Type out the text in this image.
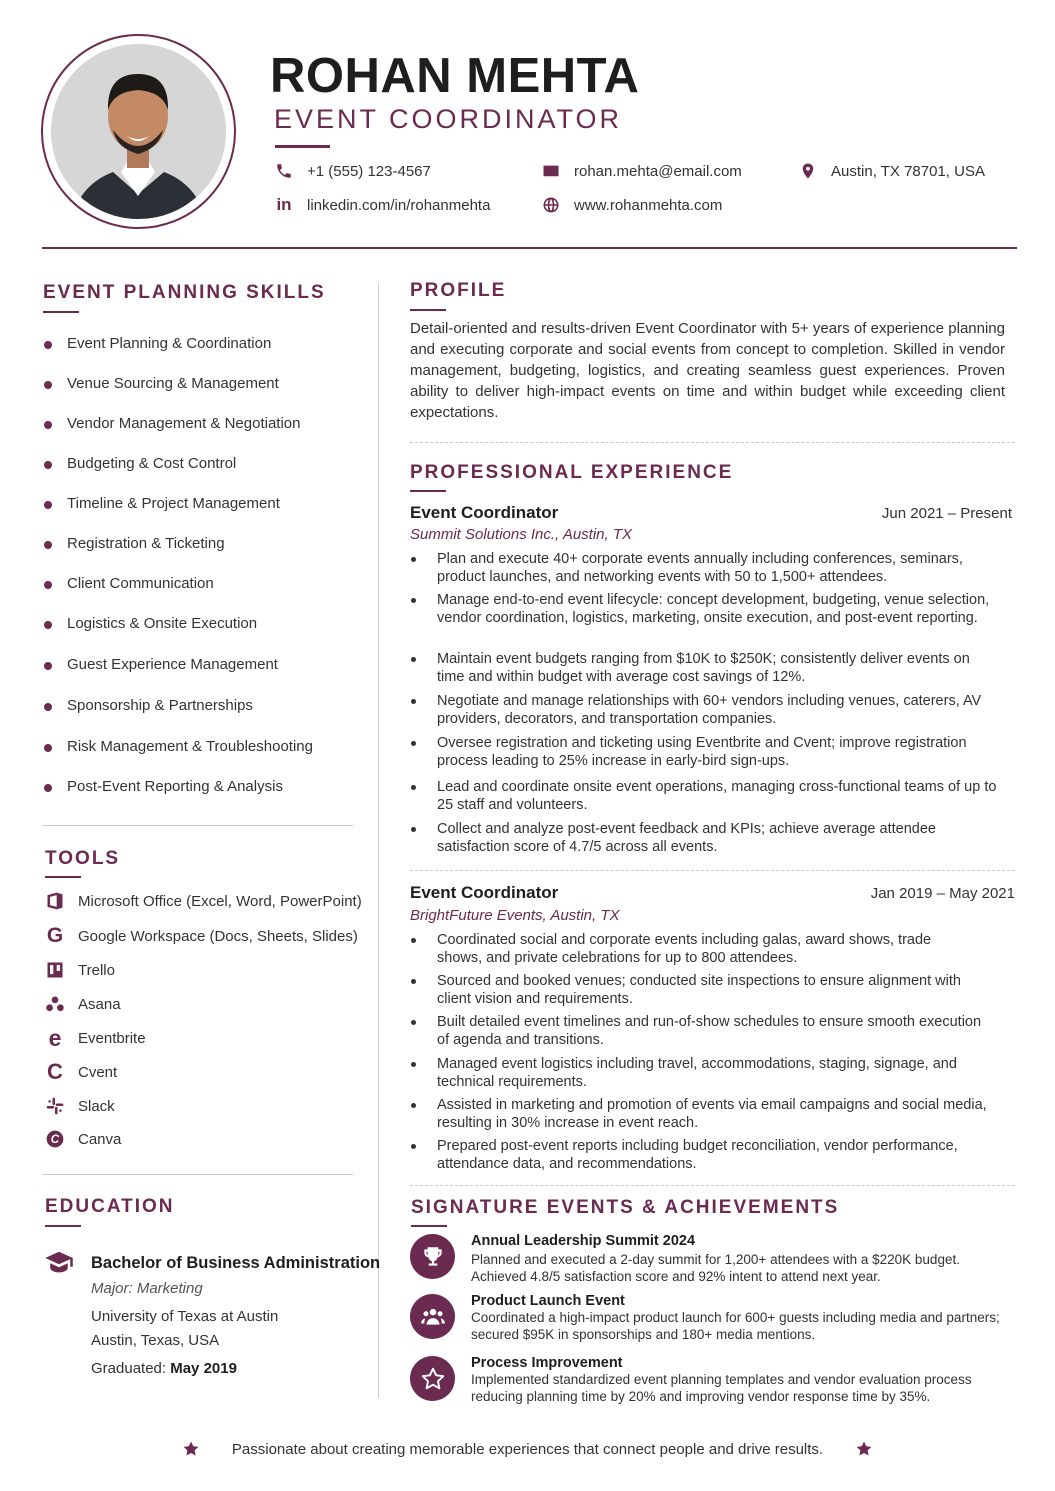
ROHAN MEHTA
EVENT COORDINATOR
+1 (555) 123-4567	rohan.mehta@email.com	Austin, TX 78701, USA
in linkedin.com/in/rohanmehta	www.rohanmehta.com
EVENT PLANNING SKILLS
Event Planning & Coordination
Venue Sourcing & Management
Vendor Management & Negotiation
Budgeting & Cost Control
Timeline & Project Management
Registration & Ticketing
Client Communication
Logistics & Onsite Execution
Guest Experience Management
Sponsorship & Partnerships
Risk Management & Troubleshooting
Post-Event Reporting & Analysis
TOOLS
Microsoft Office (Excel, Word, PowerPoint)
G Google Workspace (Docs, Sheets, Slides)
Trello
Asana
e Eventbrite
C Cvent
Slack
C Canva
EDUCATION
Bachelor of Business Administration
Major: Marketing
University of Texas at Austin
Austin, Texas, USA
Graduated: May 2019
PROFILE
Detail-oriented and results-driven Event Coordinator with 5+ years of experience planning and executing corporate and social events from concept to completion. Skilled in vendor management, budgeting, logistics, and creating seamless guest experiences. Proven ability to deliver high-impact events on time and within budget while exceeding client expectations.
PROFESSIONAL EXPERIENCE
Event Coordinator	Jun 2021 – Present
Summit Solutions Inc., Austin, TX
Plan and execute 40+ corporate events annually including conferences, seminars, product launches, and networking events with 50 to 1,500+ attendees.
Manage end-to-end event lifecycle: concept development, budgeting, venue selection, vendor coordination, logistics, marketing, onsite execution, and post-event reporting.
Maintain event budgets ranging from $10K to $250K; consistently deliver events on time and within budget with average cost savings of 12%.
Negotiate and manage relationships with 60+ vendors including venues, caterers, AV providers, decorators, and transportation companies.
Oversee registration and ticketing using Eventbrite and Cvent; improve registration process leading to 25% increase in early-bird sign-ups.
Lead and coordinate onsite event operations, managing cross-functional teams of up to 25 staff and volunteers.
Collect and analyze post-event feedback and KPIs; achieve average attendee satisfaction score of 4.7/5 across all events.
Event Coordinator	Jan 2019 – May 2021
BrightFuture Events, Austin, TX
Coordinated social and corporate events including galas, award shows, trade shows, and private celebrations for up to 800 attendees.
Sourced and booked venues; conducted site inspections to ensure alignment with client vision and requirements.
Built detailed event timelines and run-of-show schedules to ensure smooth execution of agenda and transitions.
Managed event logistics including travel, accommodations, staging, signage, and technical requirements.
Assisted in marketing and promotion of events via email campaigns and social media, resulting in 30% increase in event reach.
Prepared post-event reports including budget reconciliation, vendor performance, attendance data, and recommendations.
SIGNATURE EVENTS & ACHIEVEMENTS
Annual Leadership Summit 2024
Planned and executed a 2-day summit for 1,200+ attendees with a $220K budget. Achieved 4.8/5 satisfaction score and 92% intent to attend next year.
Product Launch Event
Coordinated a high-impact product launch for 600+ guests including media and partners; secured $95K in sponsorships and 180+ media mentions.
Process Improvement
Implemented standardized event planning templates and vendor evaluation process reducing planning time by 20% and improving vendor response time by 35%.
Passionate about creating memorable experiences that connect people and drive results.
